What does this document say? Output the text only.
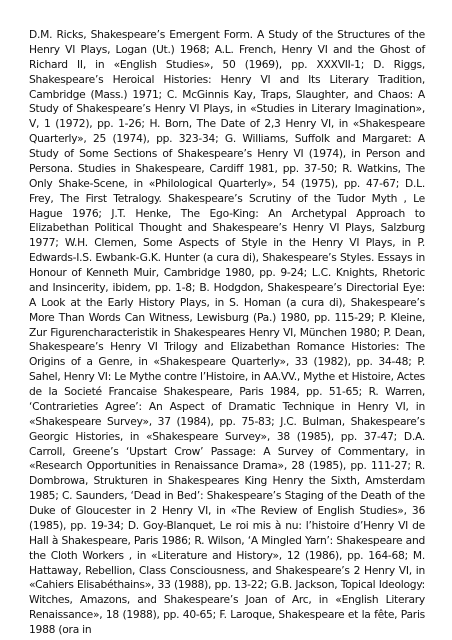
D.M. Ricks, Shakespeare’s Emergent Form. A Study of the Structures of the Henry VI Plays, Logan (Ut.) 1968; A.L. French, Henry VI and the Ghost of Richard II, in «English Studies», 50 (1969), pp. XXXVII-1; D. Riggs, Shakespeare’s Heroical Histories: Henry VI and Its Literary Tradition, Cambridge (Mass.) 1971; C. McGinnis Kay, Traps, Slaughter, and Chaos: A Study of Shakespeare’s Henry VI Plays, in «Studies in Literary Imagination», V, 1 (1972), pp. 1-26; H. Born, The Date of 2,3 Henry VI, in «Shakespeare Quarterly», 25 (1974), pp. 323-34; G. Williams, Suffolk and Margaret: A Study of Some Sections of Shakespeare’s Henry VI (1974), in Person and Persona. Studies in Shakespeare, Cardiff 1981, pp. 37-50; R. Watkins, The Only Shake-Scene, in «Philological Quarterly», 54 (1975), pp. 47-67; D.L. Frey, The First Tetralogy. Shakespeare’s Scrutiny of the Tudor Myth , Le Hague 1976; J.T. Henke, The Ego-King: An Archetypal Approach to Elizabethan Political Thought and Shakespeare’s Henry VI Plays, Salzburg 1977; W.H. Clemen, Some Aspects of Style in the Henry VI Plays, in P. Edwards-I.S. Ewbank-G.K. Hunter (a cura di), Shakespeare’s Styles. Essays in Honour of Kenneth Muir, Cambridge 1980, pp. 9-24; L.C. Knights, Rhetoric and Insincerity, ibidem, pp. 1-8; B. Hodgdon, Shakespeare’s Directorial Eye: A Look at the Early History Plays, in S. Homan (a cura di), Shakespeare’s More Than Words Can Witness, Lewisburg (Pa.) 1980, pp. 115-29; P. Kleine, Zur Figurencharacteristik in Shakespeares Henry VI, München 1980; P. Dean, Shakespeare’s Henry VI Trilogy and Elizabethan Romance Histories: The Origins of a Genre, in «Shakespeare Quarterly», 33 (1982), pp. 34-48; P. Sahel, Henry VI: Le Mythe contre l’Histoire, in AA.VV., Mythe et Histoire, Actes de la Societé Francaise Shakespeare, Paris 1984, pp. 51-65; R. Warren, ‘Contrarieties Agree’: An Aspect of Dramatic Technique in Henry VI, in «Shakespeare Survey», 37 (1984), pp. 75-83; J.C. Bulman, Shakespeare’s Georgic Histories, in «Shakespeare Survey», 38 (1985), pp. 37-47; D.A. Carroll, Greene’s ‘Upstart Crow’ Passage: A Survey of Commentary, in «Research Opportunities in Renaissance Drama», 28 (1985), pp. 111-27; R. Dombrowa, Strukturen in Shakespeares King Henry the Sixth, Amsterdam 1985; C. Saunders, ‘Dead in Bed’: Shakespeare’s Staging of the Death of the Duke of Gloucester in 2 Henry VI, in «The Review of English Studies», 36 (1985), pp. 19-34; D. Goy-Blanquet, Le roi mis à nu: l’histoire d’Henry VI de Hall à Shakespeare, Paris 1986; R. Wilson, ‘A Mingled Yarn’: Shakespeare and the Cloth Workers , in «Literature and History», 12 (1986), pp. 164-68; M. Hattaway, Rebellion, Class Consciousness, and Shakespeare’s 2 Henry VI, in «Cahiers Elisabéthains», 33 (1988), pp. 13-22; G.B. Jackson, Topical Ideology: Witches, Amazons, and Shakespeare’s Joan of Arc, in «English Literary Renaissance», 18 (1988), pp. 40-65; F. Laroque, Shakespeare et la fête, Paris 1988 (ora in
